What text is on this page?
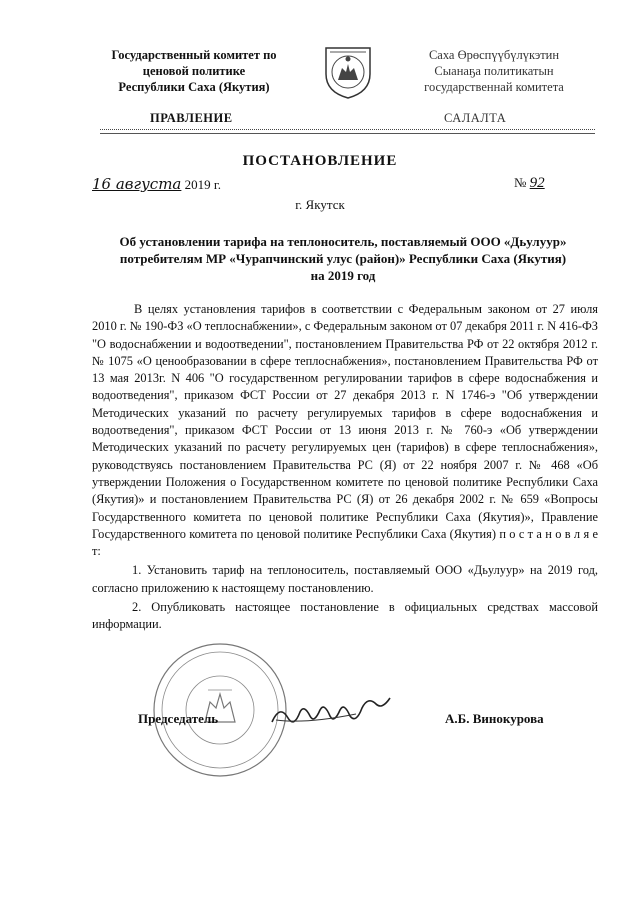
Государственный комитет по
ценовой политике
Республики Саха (Якутия)
Саха Өрөспүүбүлүкэтин
Сыанаҕа политикатын
государственнай комитета
ПРАВЛЕНИЕ	САЛАЛТА
ПОСТАНОВЛЕНИЕ
16 августа 2019 г.	№ 92
г. Якутск
Об установлении тарифа на теплоноситель, поставляемый ООО «Дьулуур»
потребителям МР «Чурапчинский улус (район)» Республики Саха (Якутия)
на 2019 год

В целях установления тарифов в соответствии с Федеральным законом от 27 июля 2010 г. № 190-ФЗ «О теплоснабжении», с Федеральным законом от 07 декабря 2011 г. N 416-ФЗ "О водоснабжении и водоотведении", постановлением Правительства РФ от 22 октября 2012 г. № 1075 «О ценообразовании в сфере теплоснабжения», постановлением Правительства РФ от 13 мая 2013г. N 406 "О государственном регулировании тарифов в сфере водоснабжения и водоотведения", приказом ФСТ России от 27 декабря 2013 г. N 1746-э "Об утверждении Методических указаний по расчету регулируемых тарифов в сфере водоснабжения и водоотведения", приказом ФСТ России от 13 июня 2013 г. № 760-э «Об утверждении Методических указаний по расчету регулируемых цен (тарифов) в сфере теплоснабжения», руководствуясь постановлением Правительства РС (Я) от 22 ноября 2007 г. № 468 «Об утверждении Положения о Государственном комитете по ценовой политике Республики Саха (Якутия)» и постановлением Правительства РС (Я) от 26 декабря 2002 г. № 659 «Вопросы Государственного комитета по ценовой политике Республики Саха (Якутия)», Правление Государственного комитета по ценовой политике Республики Саха (Якутия) п о с т а н о в л я е т:

1. Установить тариф на теплоноситель, поставляемый ООО «Дьулуур» на 2019 год, согласно приложению к настоящему постановлению.

2. Опубликовать настоящее постановление в официальных средствах массовой информации.

Председатель	А.Б. Винокурова
